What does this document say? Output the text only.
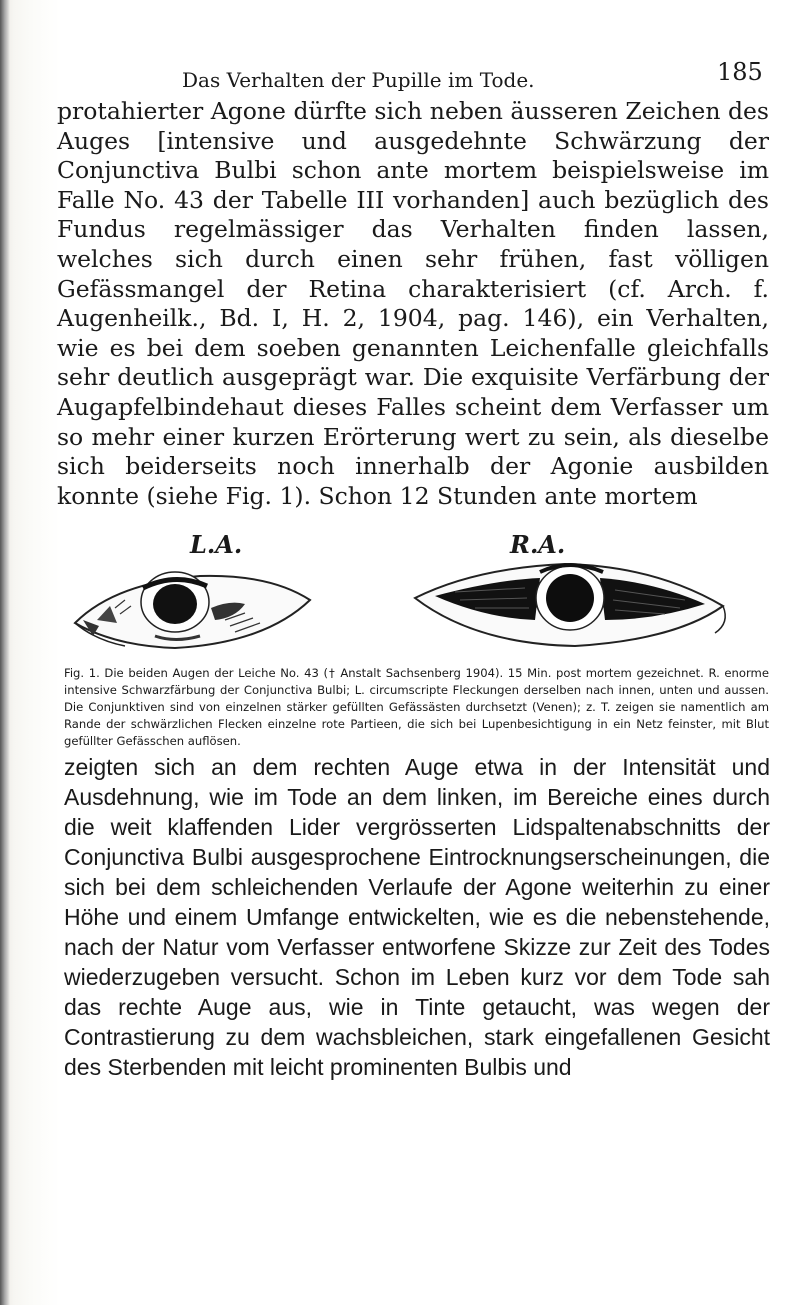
Das Verhalten der Pupille im Tode.	185

protahierter Agone dürfte sich neben äusseren Zeichen des Auges [intensive und ausgedehnte Schwärzung der Conjunctiva Bulbi schon ante mortem beispielsweise im Falle No. 43 der Tabelle III vorhanden] auch bezüglich des Fundus regelmässiger das Verhalten finden lassen, welches sich durch einen sehr frühen, fast völligen Gefässmangel der Retina charakterisiert (cf. Arch. f. Augenheilk., Bd. I, H. 2, 1904, pag. 146), ein Verhalten, wie es bei dem soeben genannten Leichenfalle gleichfalls sehr deutlich ausgeprägt war. Die exquisite Verfärbung der Augapfelbindehaut dieses Falles scheint dem Verfasser um so mehr einer kurzen Erörterung wert zu sein, als dieselbe sich beiderseits noch innerhalb der Agonie ausbilden konnte (siehe Fig. 1). Schon 12 Stunden ante mortem

L.A.	R.A.

Fig. 1. Die beiden Augen der Leiche No. 43 († Anstalt Sachsenberg 1904). 15 Min. post mortem gezeichnet. R. enorme intensive Schwarzfärbung der Conjunctiva Bulbi; L. circumscripte Fleckungen derselben nach innen, unten und aussen. Die Conjunktiven sind von einzelnen stärker gefüllten Gefässästen durchsetzt (Venen); z. T. zeigen sie namentlich am Rande der schwärzlichen Flecken einzelne rote Partieen, die sich bei Lupenbesichtigung in ein Netz feinster, mit Blut gefüllter Gefässchen auflösen.

zeigten sich an dem rechten Auge etwa in der Intensität und Ausdehnung, wie im Tode an dem linken, im Bereiche eines durch die weit klaffenden Lider vergrösserten Lidspaltenabschnitts der Conjunctiva Bulbi ausgesprochene Eintrocknungserscheinungen, die sich bei dem schleichenden Verlaufe der Agone weiterhin zu einer Höhe und einem Umfange entwickelten, wie es die nebenstehende, nach der Natur vom Verfasser entworfene Skizze zur Zeit des Todes wiederzugeben versucht. Schon im Leben kurz vor dem Tode sah das rechte Auge aus, wie in Tinte getaucht, was wegen der Contrastierung zu dem wachsbleichen, stark eingefallenen Gesicht des Sterbenden mit leicht prominenten Bulbis und
